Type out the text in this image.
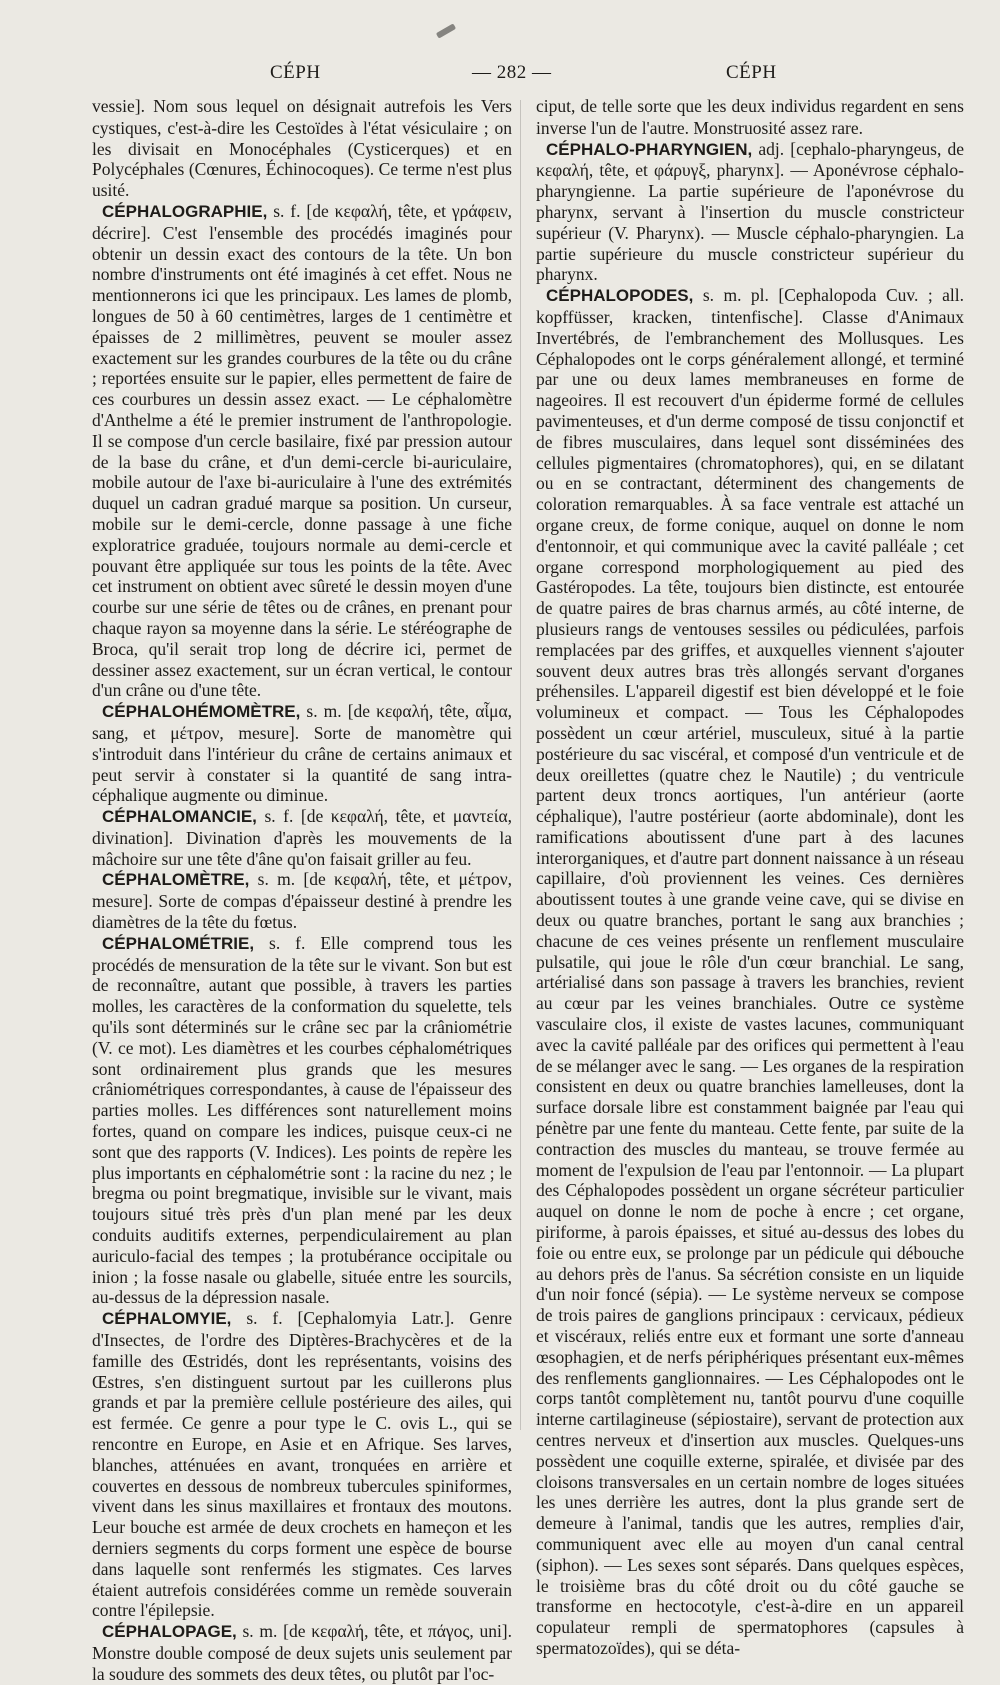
CÉPH	— 282 —	CÉPH

vessie]. Nom sous lequel on désignait autrefois les Vers cystiques, c'est-à-dire les Cestoïdes à l'état vésiculaire ; on les divisait en Monocéphales (Cysticerques) et en Polycéphales (Cœnures, Échinocoques). Ce terme n'est plus usité.

CÉPHALOGRAPHIE, s. f. [de κεφαλή, tête, et γράφειν, décrire]. C'est l'ensemble des procédés imaginés pour obtenir un dessin exact des contours de la tête. Un bon nombre d'instruments ont été imaginés à cet effet. Nous ne mentionnerons ici que les principaux. Les lames de plomb, longues de 50 à 60 centimètres, larges de 1 centimètre et épaisses de 2 millimètres, peuvent se mouler assez exactement sur les grandes courbures de la tête ou du crâne ; reportées ensuite sur le papier, elles permettent de faire de ces courbures un dessin assez exact. — Le céphalomètre d'Anthelme a été le premier instrument de l'anthropologie. Il se compose d'un cercle basilaire, fixé par pression autour de la base du crâne, et d'un demi-cercle bi-auriculaire, mobile autour de l'axe bi-auriculaire à l'une des extrémités duquel un cadran gradué marque sa position. Un curseur, mobile sur le demi-cercle, donne passage à une fiche exploratrice graduée, toujours normale au demi-cercle et pouvant être appliquée sur tous les points de la tête. Avec cet instrument on obtient avec sûreté le dessin moyen d'une courbe sur une série de têtes ou de crânes, en prenant pour chaque rayon sa moyenne dans la série. Le stéréographe de Broca, qu'il serait trop long de décrire ici, permet de dessiner assez exactement, sur un écran vertical, le contour d'un crâne ou d'une tête.

CÉPHALOHÉMOMÈTRE, s. m. [de κεφαλή, tête, αἷμα, sang, et μέτρον, mesure]. Sorte de manomètre qui s'introduit dans l'intérieur du crâne de certains animaux et peut servir à constater si la quantité de sang intra-céphalique augmente ou diminue.

CÉPHALOMANCIE, s. f. [de κεφαλή, tête, et μαντεία, divination]. Divination d'après les mouvements de la mâchoire sur une tête d'âne qu'on faisait griller au feu.

CÉPHALOMÈTRE, s. m. [de κεφαλή, tête, et μέτρον, mesure]. Sorte de compas d'épaisseur destiné à prendre les diamètres de la tête du fœtus.

CÉPHALOMÉTRIE, s. f. Elle comprend tous les procédés de mensuration de la tête sur le vivant. Son but est de reconnaître, autant que possible, à travers les parties molles, les caractères de la conformation du squelette, tels qu'ils sont déterminés sur le crâne sec par la crâniométrie (V. ce mot). Les diamètres et les courbes céphalométriques sont ordinairement plus grands que les mesures crâniométriques correspondantes, à cause de l'épaisseur des parties molles. Les différences sont naturellement moins fortes, quand on compare les indices, puisque ceux-ci ne sont que des rapports (V. Indices). Les points de repère les plus importants en céphalométrie sont : la racine du nez ; le bregma ou point bregmatique, invisible sur le vivant, mais toujours situé très près d'un plan mené par les deux conduits auditifs externes, perpendiculairement au plan auriculo-facial des tempes ; la protubérance occipitale ou inion ; la fosse nasale ou glabelle, située entre les sourcils, au-dessus de la dépression nasale.

CÉPHALOMYIE, s. f. [Cephalomyia Latr.]. Genre d'Insectes, de l'ordre des Diptères-Brachycères et de la famille des Œstridés, dont les représentants, voisins des Œstres, s'en distinguent surtout par les cuillerons plus grands et par la première cellule postérieure des ailes, qui est fermée. Ce genre a pour type le C. ovis L., qui se rencontre en Europe, en Asie et en Afrique. Ses larves, blanches, atténuées en avant, tronquées en arrière et couvertes en dessous de nombreux tubercules spiniformes, vivent dans les sinus maxillaires et frontaux des moutons. Leur bouche est armée de deux crochets en hameçon et les derniers segments du corps forment une espèce de bourse dans laquelle sont renfermés les stigmates. Ces larves étaient autrefois considérées comme un remède souverain contre l'épilepsie.

CÉPHALOPAGE, s. m. [de κεφαλή, tête, et πάγος, uni]. Monstre double composé de deux sujets unis seulement par la soudure des sommets des deux têtes, ou plutôt par l'oc-

ciput, de telle sorte que les deux individus regardent en sens inverse l'un de l'autre. Monstruosité assez rare.

CÉPHALO-PHARYNGIEN, adj. [cephalo-pharyngeus, de κεφαλή, tête, et φάρυγξ, pharynx]. — Aponévrose céphalo-pharyngienne. La partie supérieure de l'aponévrose du pharynx, servant à l'insertion du muscle constricteur supérieur (V. Pharynx). — Muscle céphalo-pharyngien. La partie supérieure du muscle constricteur supérieur du pharynx.

CÉPHALOPODES, s. m. pl. [Cephalopoda Cuv. ; all. kopffüsser, kracken, tintenfische]. Classe d'Animaux Invertébrés, de l'embranchement des Mollusques. Les Céphalopodes ont le corps généralement allongé, et terminé par une ou deux lames membraneuses en forme de nageoires. Il est recouvert d'un épiderme formé de cellules pavimenteuses, et d'un derme composé de tissu conjonctif et de fibres musculaires, dans lequel sont disséminées des cellules pigmentaires (chromatophores), qui, en se dilatant ou en se contractant, déterminent des changements de coloration remarquables. À sa face ventrale est attaché un organe creux, de forme conique, auquel on donne le nom d'entonnoir, et qui communique avec la cavité palléale ; cet organe correspond morphologiquement au pied des Gastéropodes. La tête, toujours bien distincte, est entourée de quatre paires de bras charnus armés, au côté interne, de plusieurs rangs de ventouses sessiles ou pédiculées, parfois remplacées par des griffes, et auxquelles viennent s'ajouter souvent deux autres bras très allongés servant d'organes préhensiles. L'appareil digestif est bien développé et le foie volumineux et compact. — Tous les Céphalopodes possèdent un cœur artériel, musculeux, situé à la partie postérieure du sac viscéral, et composé d'un ventricule et de deux oreillettes (quatre chez le Nautile) ; du ventricule partent deux troncs aortiques, l'un antérieur (aorte céphalique), l'autre postérieur (aorte abdominale), dont les ramifications aboutissent d'une part à des lacunes interorganiques, et d'autre part donnent naissance à un réseau capillaire, d'où proviennent les veines. Ces dernières aboutissent toutes à une grande veine cave, qui se divise en deux ou quatre branches, portant le sang aux branchies ; chacune de ces veines présente un renflement musculaire pulsatile, qui joue le rôle d'un cœur branchial. Le sang, artérialisé dans son passage à travers les branchies, revient au cœur par les veines branchiales. Outre ce système vasculaire clos, il existe de vastes lacunes, communiquant avec la cavité palléale par des orifices qui permettent à l'eau de se mélanger avec le sang. — Les organes de la respiration consistent en deux ou quatre branchies lamelleuses, dont la surface dorsale libre est constamment baignée par l'eau qui pénètre par une fente du manteau. Cette fente, par suite de la contraction des muscles du manteau, se trouve fermée au moment de l'expulsion de l'eau par l'entonnoir. — La plupart des Céphalopodes possèdent un organe sécréteur particulier auquel on donne le nom de poche à encre ; cet organe, piriforme, à parois épaisses, et situé au-dessus des lobes du foie ou entre eux, se prolonge par un pédicule qui débouche au dehors près de l'anus. Sa sécrétion consiste en un liquide d'un noir foncé (sépia). — Le système nerveux se compose de trois paires de ganglions principaux : cervicaux, pédieux et viscéraux, reliés entre eux et formant une sorte d'anneau œsophagien, et de nerfs périphériques présentant eux-mêmes des renflements ganglionnaires. — Les Céphalopodes ont le corps tantôt complètement nu, tantôt pourvu d'une coquille interne cartilagineuse (sépiostaire), servant de protection aux centres nerveux et d'insertion aux muscles. Quelques-uns possèdent une coquille externe, spiralée, et divisée par des cloisons transversales en un certain nombre de loges situées les unes derrière les autres, dont la plus grande sert de demeure à l'animal, tandis que les autres, remplies d'air, communiquent avec elle au moyen d'un canal central (siphon). — Les sexes sont séparés. Dans quelques espèces, le troisième bras du côté droit ou du côté gauche se transforme en hectocotyle, c'est-à-dire en un appareil copulateur rempli de spermatophores (capsules à spermatozoïdes), qui se déta-
